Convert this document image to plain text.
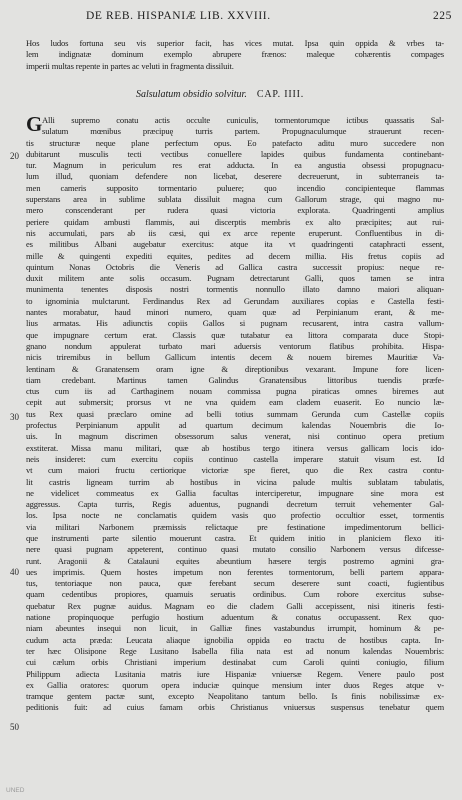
DE REB. HISPANIÆ LIB. XXVIII.	225
Hos ludos fortuna seu vis superior facit, has vices mutat. Ipsa quin oppida & vrbes ta-
lem indignatæ dominum exemplo abrupere frænos: maleque cohærentis compages
imperii multas repente in partes ac veluti in fragmenta dissiluit.
Salsulatum obsidio solvitur. CAP. IIII.
G Alli supremo conatu actis occulte cuniculis, tormentorumque ictibus quassatis Sal-
sulatum mœnibus præcipuę turris partem. Propugnaculumque strauerunt recen-
tis structuræ neque plane perfectum opus. Eo patefacto aditu muro succedere non
dubitarunt musculis tecti vectibus conuellere lapides quibus fundamenta continebant-
tur. Magnum in periculum res erat adducta. In ea angustia obsessi propugnacu-
lum illud, quoniam defendere non licebat, deserere decreuerunt, in subterraneis ta-
men cameris supposito tormentario puluere; quo incendio concipienteque flammas
superstans area in sublime sublata dissiluit magna cum Gallorum strage, qui magno nu-
mero conscenderant per rudera quasi victoria explorata. Quadringenti amplius
periere quidam ambusti flammis, aui discerptis membris ex alto præcipites; aut rui-
nis accumulati, pars ab iis cæsi, qui ex arce repente eruperunt. Confluentibus in di-
es militibus Albani augebatur exercitus: atque ita vt quadringenti cataphracti essent,
mille & quingenti expediti equites, pedites ad decem millia. His fretus copiis ad
quintum Nonas Octobris die Veneris ad Gallica castra successit propius: neque re-
duxit militem ante solis occasum. Pugnam detrectarunt Galli, quos tamen se intra
munimenta tenentes disposis nostri tormentis nonnullo illato damno maiori aliquan-
to ignominia mulctarunt. Ferdinandus Rex ad Gerundam auxiliares copias e Castella festi-
nantes morabatur, haud minori numero, quam quæ ad Perpinianum erant, & me-
lius armatas. His adiunctis copiis Gallos si pugnam recusarent, intra castra vallum-
que impugnare certum erat. Classis quæ tutabatur ea littora comparata duce Stopi-
gnano nondum appulerat turbato mari aduersis ventorum flatibus prohibita. Hispa-
nicis triremibus in bellum Gallicum intentis decem & nouem biremes Mauritiæ Va-
lentinam & Granatensem oram igne & direptionibus vexarant. Impune fore licen-
tiam credebant. Martinus tamen Galindus Granatensibus littoribus tuendis præfe-
ctus cum iis ad Carthaginem nouam commissa pugna piraticas omnes biremes aut
cepit aut submersit; prorsus vt ne vna quidem eam cladem euaserit. Eo nuncio læ-
tus Rex quasi præclaro omine ad belli totius summam Gerunda cum Castellæ copiis
profectus Perpinianum appulit ad quartum decimum kalendas Nouembris die Io-
uis. In magnum discrimen obsessorum salus venerat, nisi continuo opera pretium
exstiterat. Missa manu militari, quæ ab hostibus tergo itinera versus gallicam locis ido-
neis insideret: cum exercitu copiis continuo castella imperare statuit visum est. Id
vt cum maiori fructu certiorique victoriæ spe fieret, quo die Rex castra contu-
lit castris ligneam turrim ab hostibus in vicina palude multis sublatam tabulatis,
ne videlicet commeatus ex Gallia facultas interciperetur, impugnare sine mora est
aggressus. Capta turris, Regis aduentus, pugnandi decretum terruit vehementer Gal-
los. Ipsa nocte ne conclamatis quidem vasis quo profectio occultior esset, tormentis
via militari Narbonem præmissis relictaque pre festinatione impedimentorum bellici-
que instrumenti parte silentio mouerunt castra. Et quidem initio in planiciem flexo iti-
nere quasi pugnam appeterent, continuo quasi mutato consilio Narbonem versus difcesse-
runt. Aragonii & Catalauni equites abeuntium hæsere tergis postremo agmini gra-
ues imprimis. Quem hostes impetum non ferentes tormentorum, belli partem appara-
tus, tentoriaque non pauca, quæ ferebant secum deserere sunt coacti, fugientibus
quam cedentibus propiores, quamuis seruatis ordinibus. Cum robore exercitus subse-
quebatur Rex pugnæ auidus. Magnam eo die cladem Galli accepissent, nisi itineris festi-
natione propinquoque perfugio hostium aduentum & conatus occupassent. Rex quo-
niam abeuntes insequi non licuit, in Galliæ fines vastabundus irrumpit, hominum & pe-
cudum acta præda: Leucata aliaque ignobilia oppida eo tractu de hostibus capta. In-
ter hæc Olisipone Rege Lusitano Isabella filia nata est ad nonum kalendas Nouembris:
cui cælum orbis Christiani imperium destinabat cum Caroli quinti coniugio, filium
Philippum adiecta Lusitania matris iure Hispaniæ vniuersæ Regem. Venere paulo post
ex Gallia oratores: quorum opera induciæ quinque mensium inter duos Reges atque v-
tramque gentem pactæ sunt, excepto Neapolitano tantum bello. Is finis nobilissimæ ex-
peditionis fuit: ad cuius famam orbis Christianus vniuersus suspensus tenebatur quem
20
30
40
50
UNED
